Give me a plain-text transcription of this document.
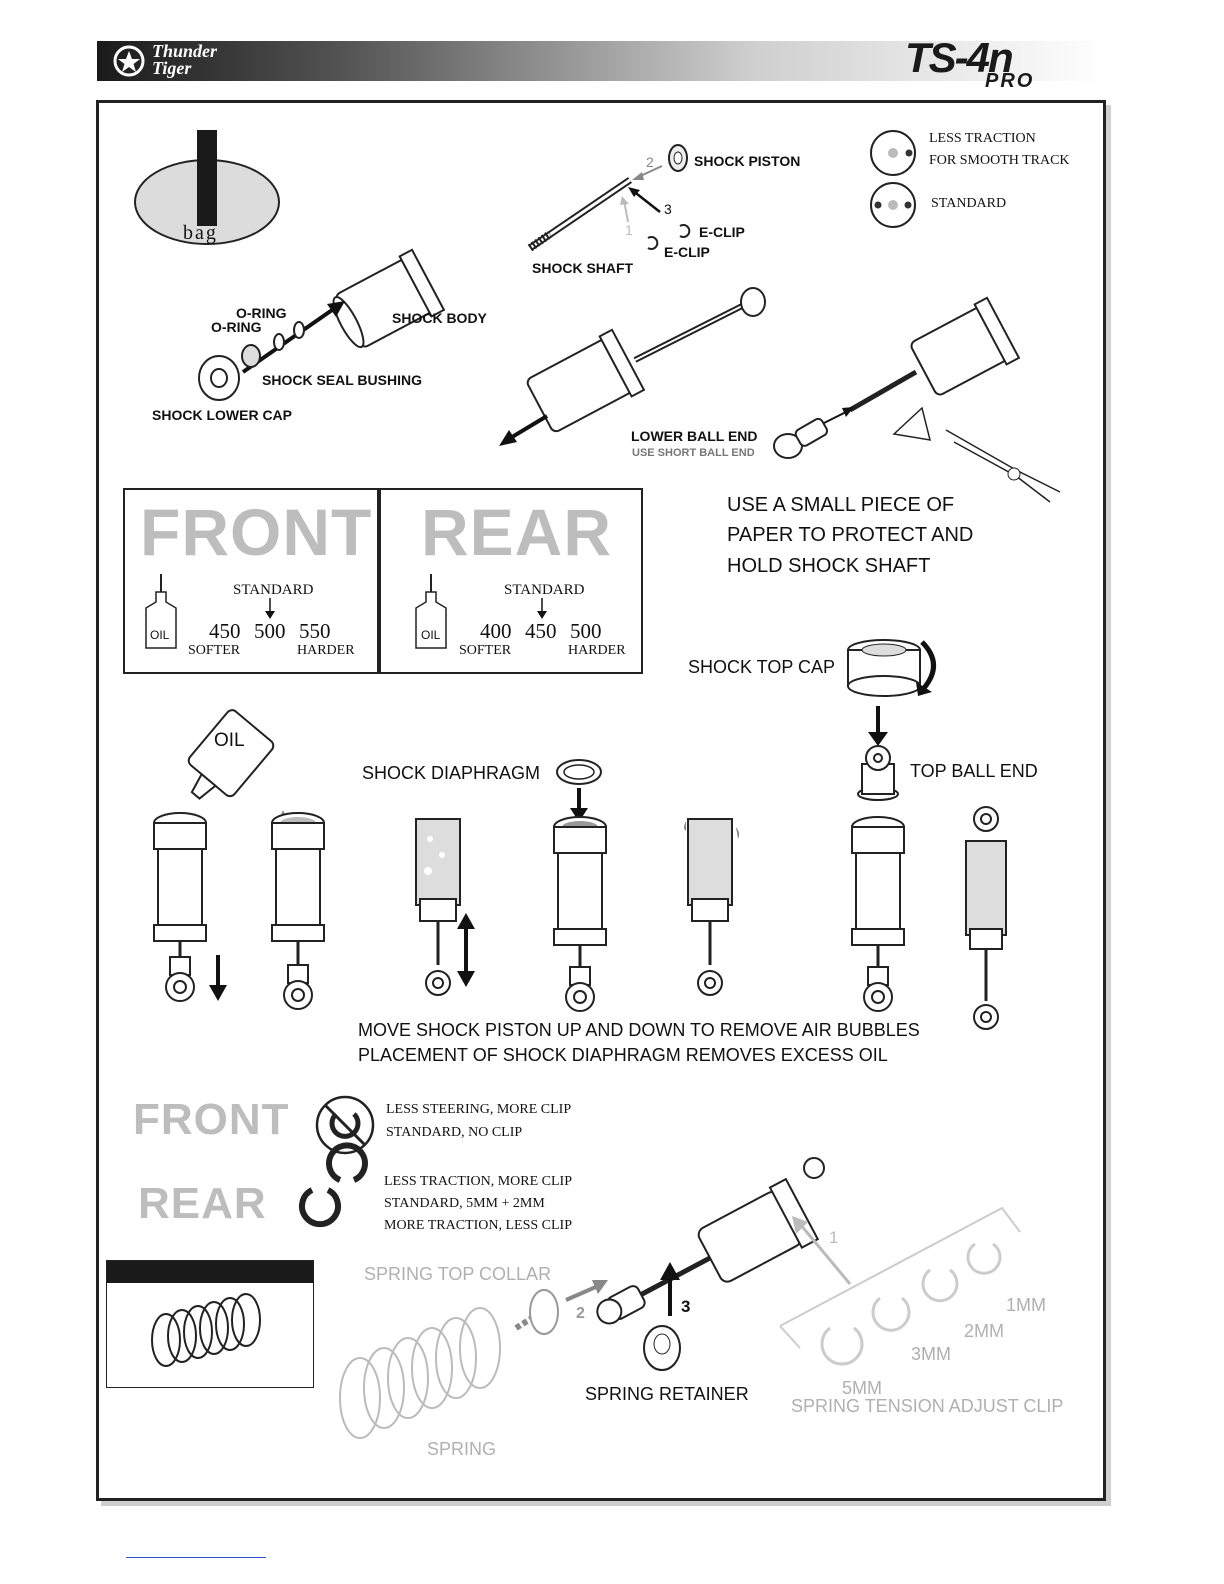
Thunder
Tiger	TS-4n
PRO
bag
LESS TRACTION
FOR SMOOTH TRACK
STANDARD
2	SHOCK PISTON
3
1	E-CLIP
E-CLIP
SHOCK SHAFT
O-RING
O-RING
SHOCK BODY
SHOCK SEAL BUSHING
SHOCK LOWER CAP
LOWER BALL END
USE SHORT BALL END
USE A SMALL PIECE OF
PAPER TO PROTECT AND
HOLD SHOCK SHAFT
FRONT
STANDARD
OIL 450 500 550
SOFTER	HARDER
REAR
STANDARD
OIL 400 450 500
SOFTER	HARDER
SHOCK TOP CAP
TOP BALL END
OIL
SHOCK DIAPHRAGM
MOVE SHOCK PISTON UP AND DOWN TO REMOVE AIR BUBBLES
PLACEMENT OF SHOCK DIAPHRAGM REMOVES EXCESS OIL
FRONT	LESS STEERING, MORE CLIP
STANDARD, NO CLIP
REAR	LESS TRACTION, MORE CLIP
STANDARD, 5MM + 2MM
MORE TRACTION, LESS CLIP
SPRING TOP COLLAR
2	3
1
SPRING RETAINER
SPRING
1MM
2MM
3MM
5MM
SPRING TENSION ADJUST CLIP
